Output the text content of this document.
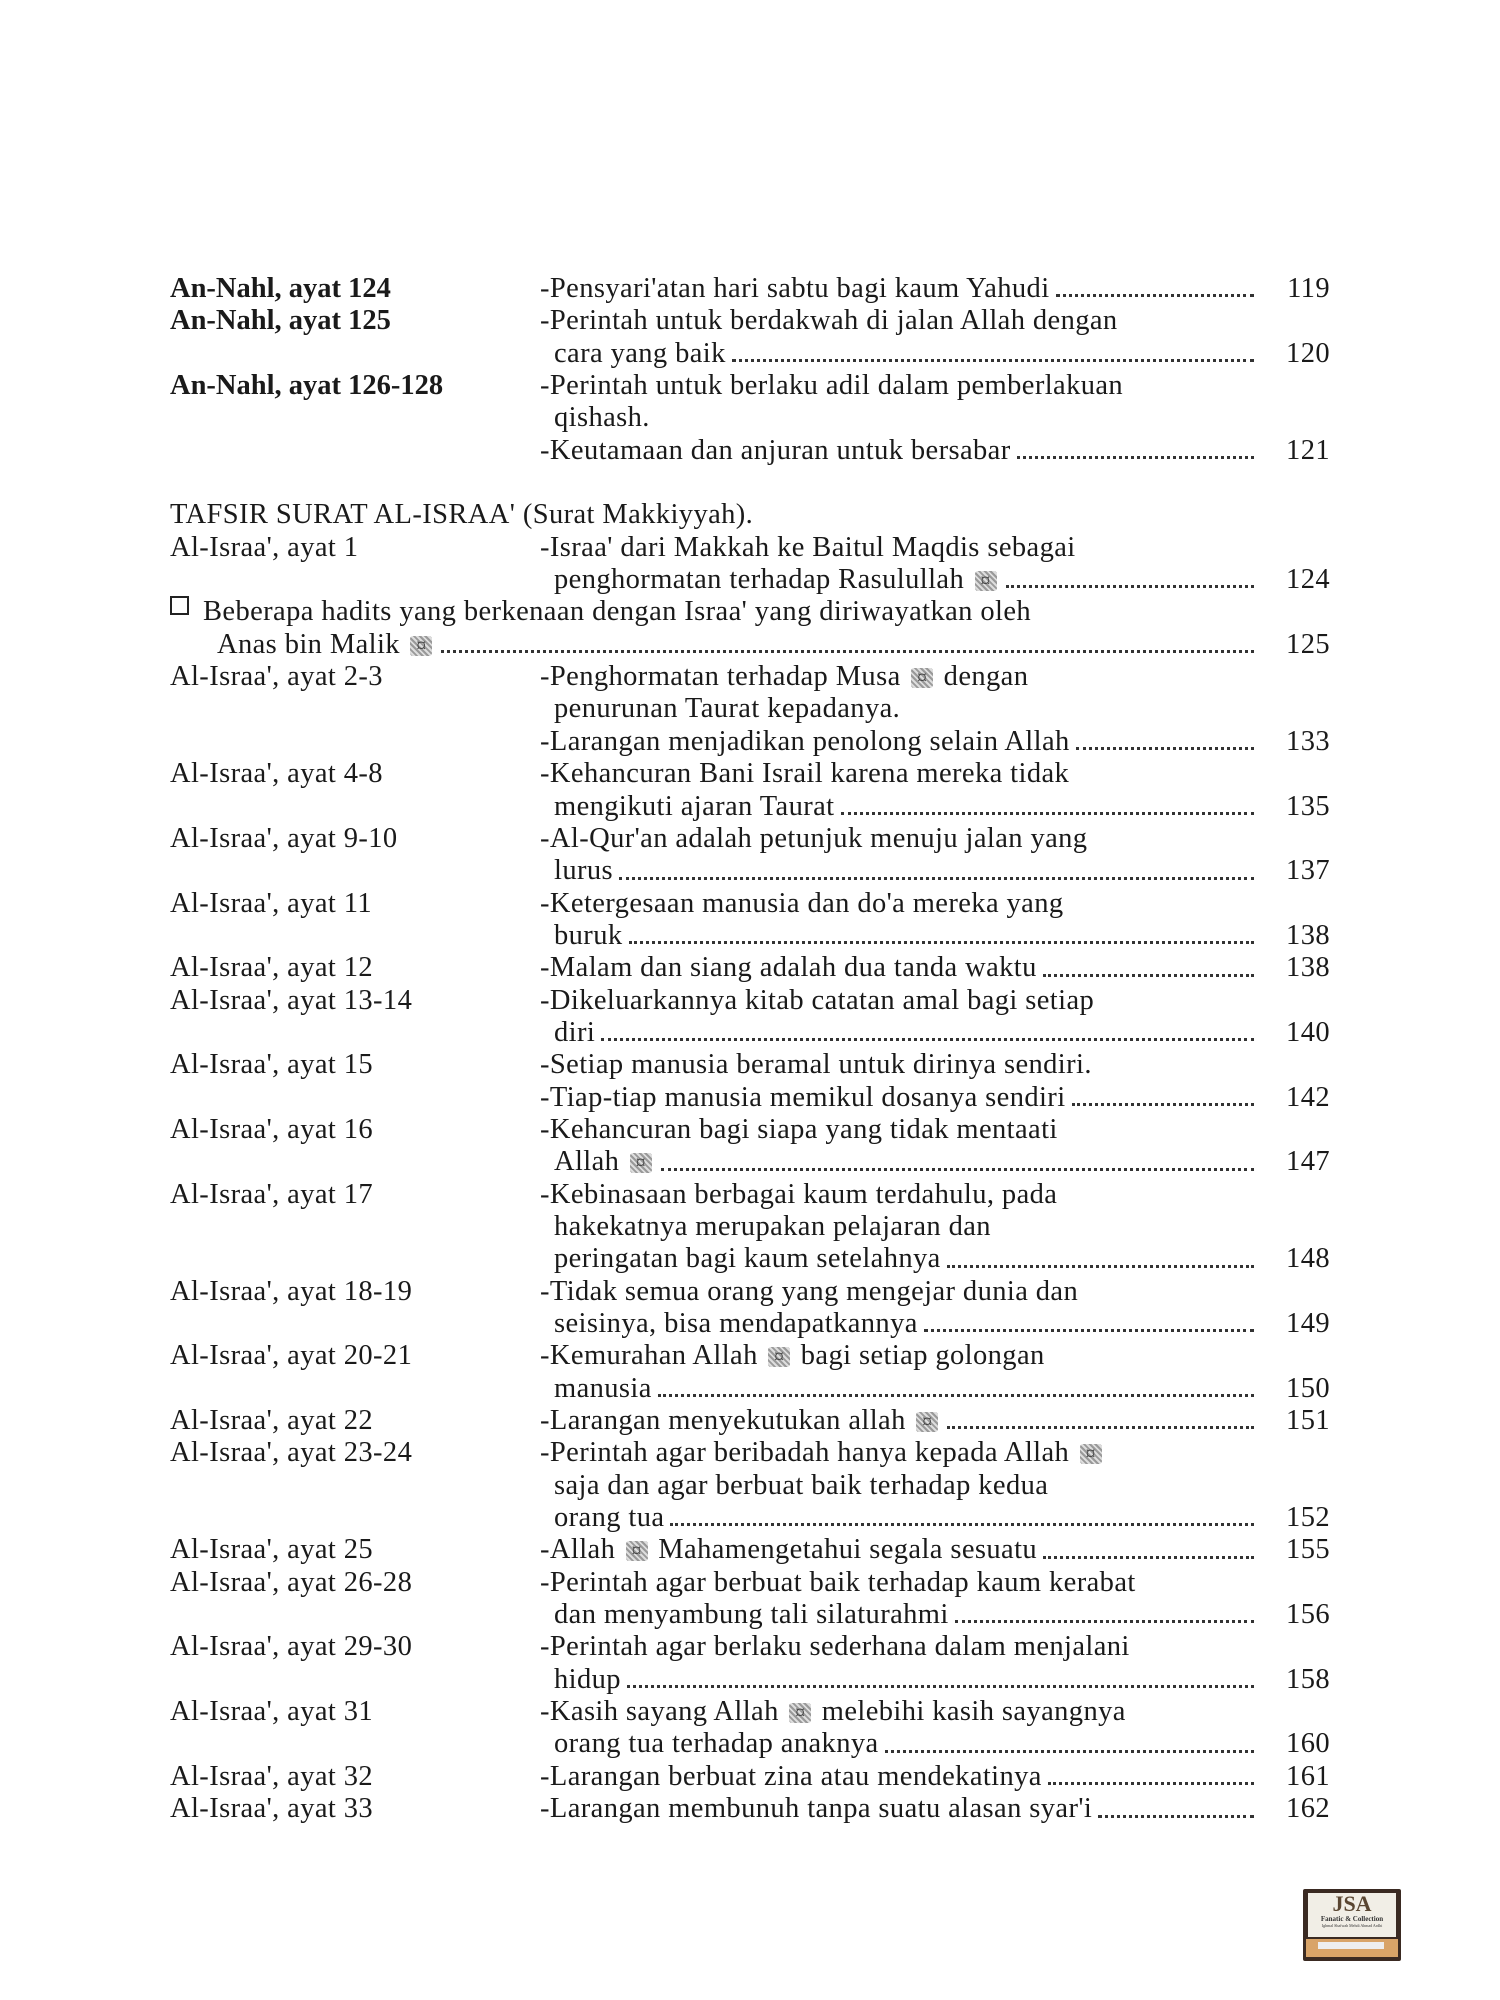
An-Nahl, ayat 124	- Pensyari'atan hari sabtu bagi kaum Yahudi	119
An-Nahl, ayat 125	- Perintah untuk berdakwah di jalan Allah dengan
cara yang baik	120
An-Nahl, ayat 126-128	- Perintah untuk berlaku adil dalam pemberlakuan
qishash.
- Keutamaan dan anjuran untuk bersabar	121
TAFSIR SURAT AL-ISRAA' (Surat Makkiyyah).
Al-Israa', ayat 1	- Israa' dari Makkah ke Baitul Maqdis sebagai
penghormatan terhadap Rasulullah ¤	124
Beberapa hadits yang berkenaan dengan Israa' yang diriwayatkan oleh
Anas bin Malik ¤	125
Al-Israa', ayat 2-3	- Penghormatan terhadap Musa ¤ dengan
penurunan Taurat kepadanya.
- Larangan menjadikan penolong selain Allah	133
Al-Israa', ayat 4-8	- Kehancuran Bani Israil karena mereka tidak
mengikuti ajaran Taurat	135
Al-Israa', ayat 9-10	- Al-Qur'an adalah petunjuk menuju jalan yang
lurus	137
Al-Israa', ayat 11	- Ketergesaan manusia dan do'a mereka yang
buruk	138
Al-Israa', ayat 12	- Malam dan siang adalah dua tanda waktu	138
Al-Israa', ayat 13-14	- Dikeluarkannya kitab catatan amal bagi setiap
diri	140
Al-Israa', ayat 15	- Setiap manusia beramal untuk dirinya sendiri.
- Tiap-tiap manusia memikul dosanya sendiri	142
Al-Israa', ayat 16	- Kehancuran bagi siapa yang tidak mentaati
Allah ¤	147
Al-Israa', ayat 17	- Kebinasaan berbagai kaum terdahulu, pada
hakekatnya merupakan pelajaran dan
peringatan bagi kaum setelahnya	148
Al-Israa', ayat 18-19	- Tidak semua orang yang mengejar dunia dan
seisinya, bisa mendapatkannya	149
Al-Israa', ayat 20-21	- Kemurahan Allah ¤ bagi setiap golongan
manusia	150
Al-Israa', ayat 22	- Larangan menyekutukan allah ¤	151
Al-Israa', ayat 23-24	- Perintah agar beribadah hanya kepada Allah ¤
saja dan agar berbuat baik terhadap kedua
orang tua	152
Al-Israa', ayat 25	- Allah ¤ Mahamengetahui segala sesuatu	155
Al-Israa', ayat 26-28	- Perintah agar berbuat baik terhadap kaum kerabat
dan menyambung tali silaturahmi	156
Al-Israa', ayat 29-30	- Perintah agar berlaku sederhana dalam menjalani
hidup	158
Al-Israa', ayat 31	- Kasih sayang Allah ¤ melebihi kasih sayangnya
orang tua terhadap anaknya	160
Al-Israa', ayat 32	- Larangan berbuat zina atau mendekatinya	161
Al-Israa', ayat 33	- Larangan membunuh tanpa suatu alasan syar'i	162
JSA
Fanatic & Collection
Ighmal Shafwah Mehdi Ahmad Ardhi
